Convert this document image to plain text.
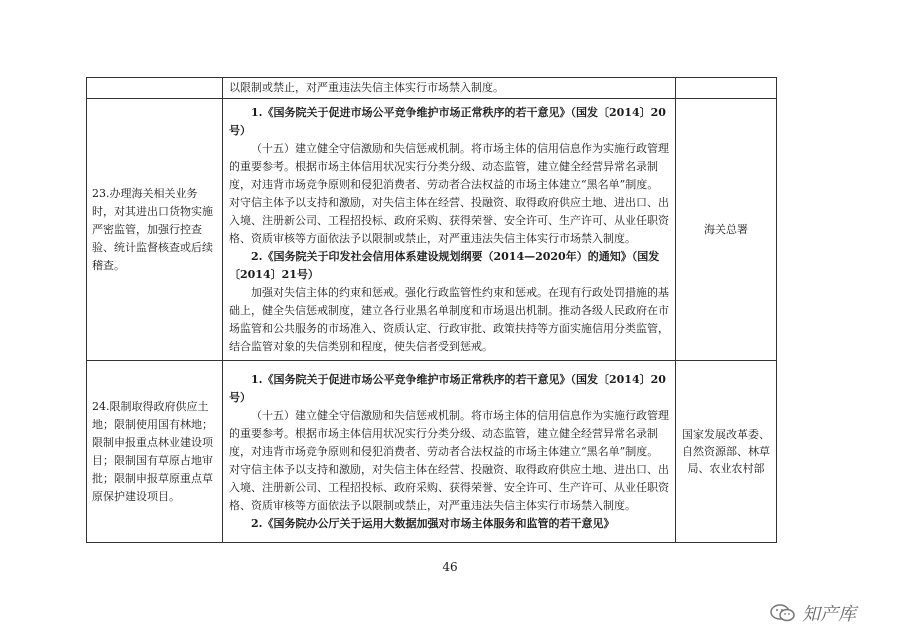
	以限制或禁止，对严重违法失信主体实行市场禁入制度。	

23.办理海关相关业务时，对其进出口货物实施严密监管，加强行控查验、统计监督核查或后续稽查。	1.《国务院关于促进市场公平竞争维护市场正常秩序的若干意见》（国发〔2014〕20号）

（十五）建立健全守信激励和失信惩戒机制。将市场主体的信用信息作为实施行政管理的重要参考。根据市场主体信用状况实行分类分级、动态监管，建立健全经营异常名录制度，对违背市场竞争原则和侵犯消费者、劳动者合法权益的市场主体建立“黑名单”制度。对守信主体予以支持和激励，对失信主体在经营、投融资、取得政府供应土地、进出口、出入境、注册新公司、工程招投标、政府采购、获得荣誉、安全许可、生产许可、从业任职资格、资质审核等方面依法予以限制或禁止，对严重违法失信主体实行市场禁入制度。

2.《国务院关于印发社会信用体系建设规划纲要（2014—2020年）的通知》（国发〔2014〕21号）

加强对失信主体的约束和惩戒。强化行政监管性约束和惩戒。在现有行政处罚措施的基础上，健全失信惩戒制度，建立各行业黑名单制度和市场退出机制。推动各级人民政府在市场监管和公共服务的市场准入、资质认定、行政审批、政策扶持等方面实施信用分类监管，结合监管对象的失信类别和程度，使失信者受到惩戒。	海关总署

24.限制取得政府供应土地；限制使用国有林地；限制申报重点林业建设项目；限制国有草原占地审批；限制申报草原重点草原保护建设项目。	1.《国务院关于促进市场公平竞争维护市场正常秩序的若干意见》（国发〔2014〕20号）

（十五）建立健全守信激励和失信惩戒机制。将市场主体的信用信息作为实施行政管理的重要参考。根据市场主体信用状况实行分类分级、动态监管，建立健全经营异常名录制度，对违背市场竞争原则和侵犯消费者、劳动者合法权益的市场主体建立“黑名单”制度。对守信主体予以支持和激励，对失信主体在经营、投融资、取得政府供应土地、进出口、出入境、注册新公司、工程招投标、政府采购、获得荣誉、安全许可、生产许可、从业任职资格、资质审核等方面依法予以限制或禁止，对严重违法失信主体实行市场禁入制度。

2.《国务院办公厅关于运用大数据加强对市场主体服务和监管的若干意见》	国家发展改革委、自然资源部、林草局、农业农村部
46
知产库
